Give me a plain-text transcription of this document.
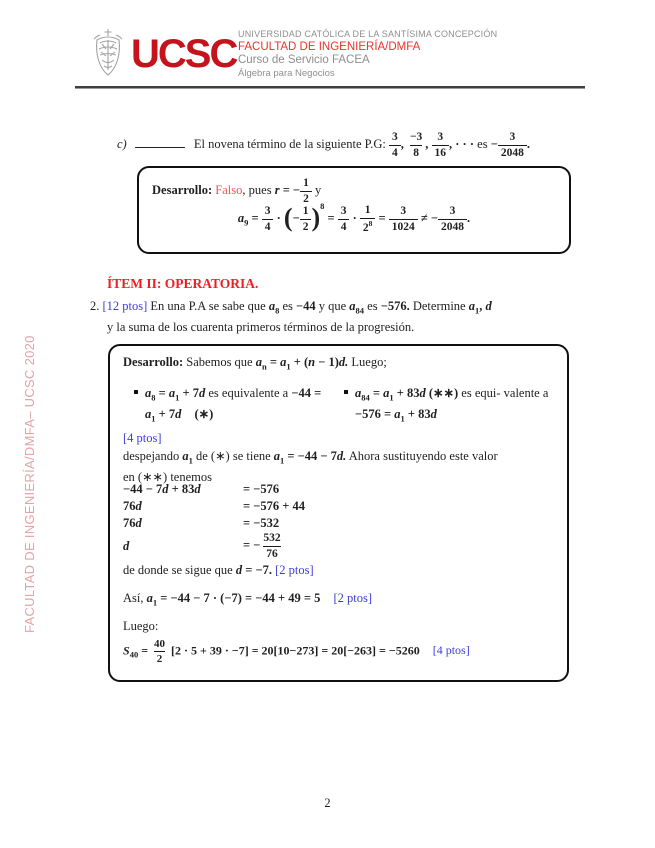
UCSC UNIVERSIDAD CATÓLICA DE LA SANTÍSIMA CONCEPCIÓN
FACULTAD DE INGENIERÍA/DMFA
Curso de Servicio FACEA
Álgebra para Negocios
FACULTAD DE INGENIERÍA/DMFA– UCSC 2020
c)	El novena término de la siguiente P.G: $\frac{3}{4}$ , $\frac{-3}{8}$ , $\frac{3}{16}$ , · · · es − $\frac{3}{2048}$ .
Desarrollo: Falso, pues r = − $\frac{1}{2}$ y
$a_9 = \frac{3}{4}$ · (− $\frac{1}{2} )^8 = \frac{3}{4} \cdot \frac{1}{2^8} = \frac{3}{1024}$ ≠ − $\frac{3}{2048}$ .
ÍTEM II: OPERATORIA.
2. [12 ptos] En una P.A se sabe que $a_8$ es −44 y que $a_{84}$ es −576. Determine $a_1$, d
y la suma de los cuarenta primeros términos de la progresión.
Desarrollo: Sabemos que $a_n = a_1 + (n - 1)d$. Luego;
$a_8 = a_1 + 7d$ es equivalente $a -44 = a_1 + 7d$ (∗)
$a_{84} = a_1 + 83d$ (∗∗) es equi- valente $a -576 = a_1 + 83d$
[4 ptos]
despejando $a_1$ de (∗) se tiene $a_1 = -44 - 7d$. Ahora sustituyendo este valor
en (∗∗) tenemos
−44 − 7d + 83d	= −576
76d	= −576 + 44
76d	= −532
d	= − $\frac{532}{76}$
de donde se sigue que d = −7. [2 ptos]
Así, $a_1 = -44 - 7 \cdot (-7) = -44 + 49 = 5$ [2 ptos]
Luego:
$S_{40} = \frac{40}{2} [2 \cdot 5 + 39 \cdot -7] = 20[10-273] = 20[-263] = -5260$ [4 ptos]
2
